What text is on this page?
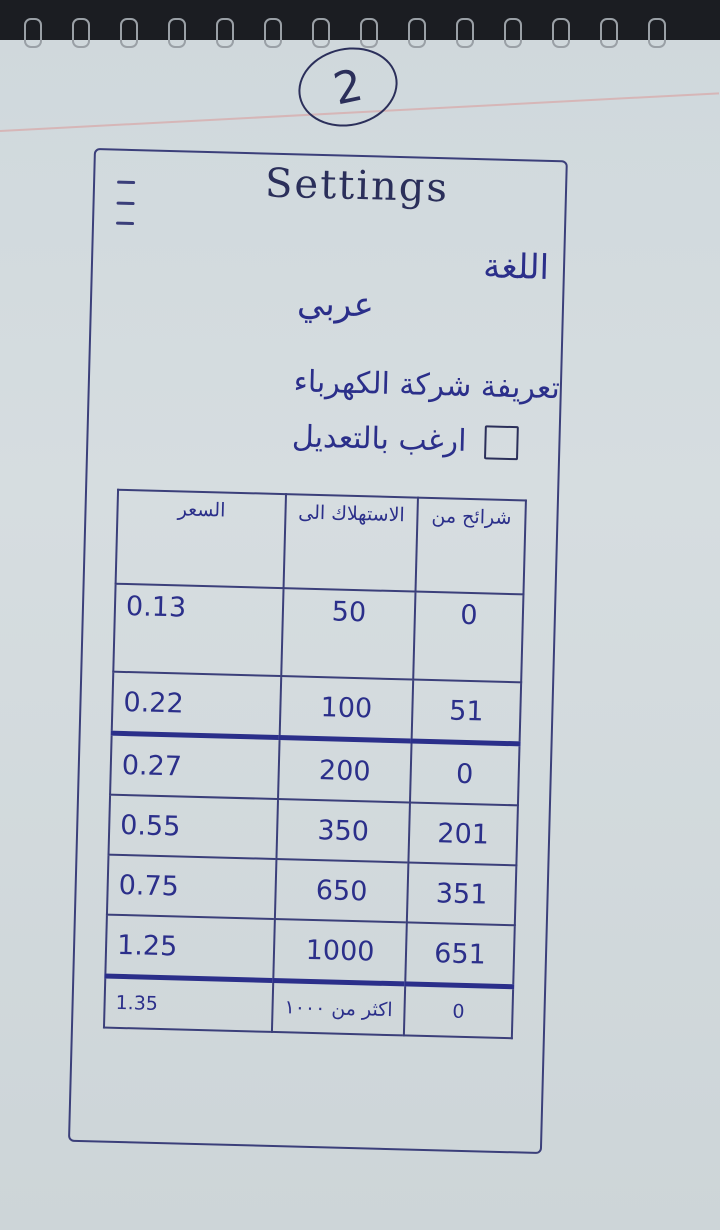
2
Settings
اللغة
عربي
تعريفة شركة الكهرباء
ارغب بالتعديل
شرائح من	الاستهلاك الى	السعر
0	50	0.13
51	100	0.22
0	200	0.27
201	350	0.55
351	650	0.75
651	1000	1.25
0	اكثر من ١٠٠٠	1.35
